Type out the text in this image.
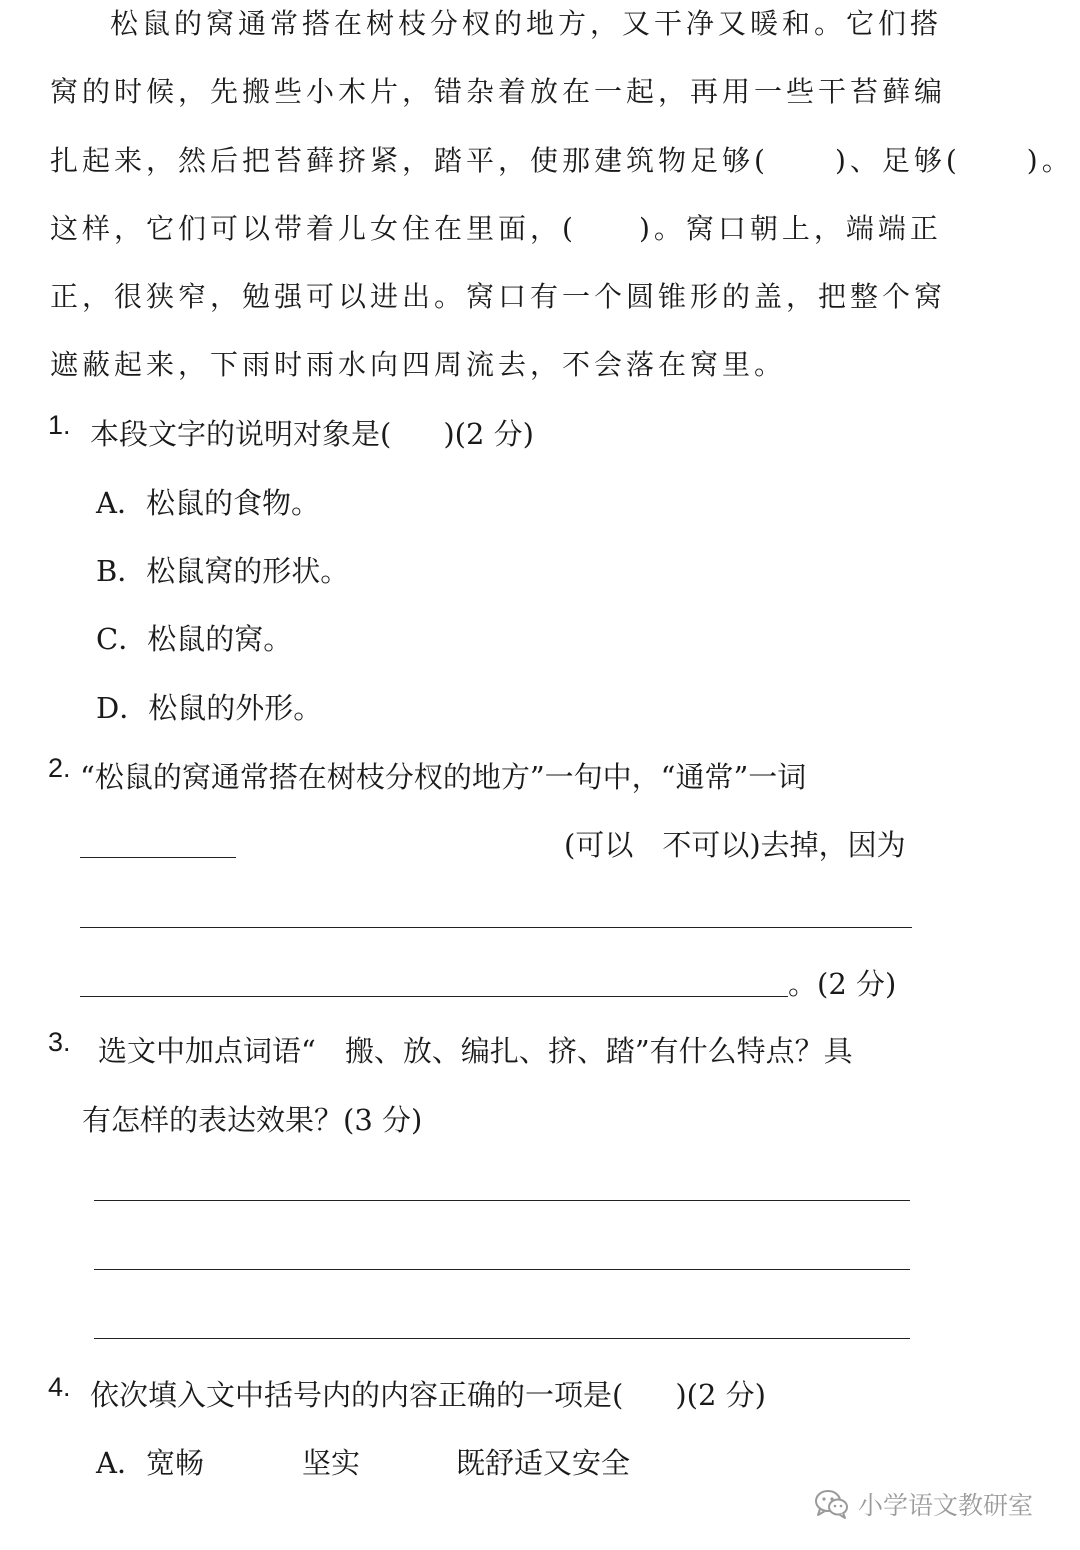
松鼠的窝通常搭在树枝分杈的地方，又干净又暖和。它们搭
窝的时候，先搬些小木片，错杂着放在一起，再用一些干苔藓编
扎起来，然后把苔藓挤紧，踏平，使那建筑物足够( )、足够( )。
这样，它们可以带着儿女住在里面，( )。窝口朝上，端端正
正，很狭窄，勉强可以进出。窝口有一个圆锥形的盖，把整个窝
遮蔽起来，下雨时雨水向四周流去，不会落在窝里。
1. 本段文字的说明对象是( )(2 分)
A．松鼠的食物。
B．松鼠窝的形状。
C．松鼠的窝。
D．松鼠的外形。
2. “松鼠的窝通常搭在树枝分杈的地方”一句中，“通常”一词
(可以　不可以)去掉，因为
。(2 分)
3. 选文中加点词语“　搬、放、编扎、挤、踏”有什么特点？具
有怎样的表达效果？(3 分)
4. 依次填入文中括号内的内容正确的一项是( )(2 分)
A．宽畅	坚实	既舒适又安全
小学语文教研室
